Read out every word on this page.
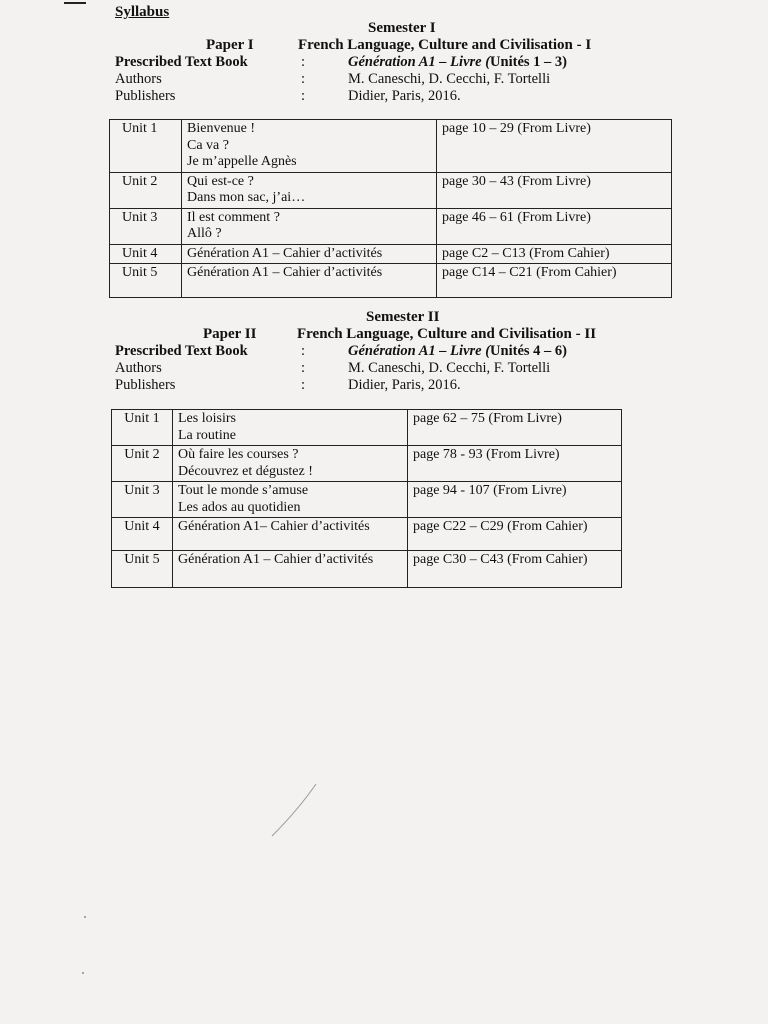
Syllabus
Semester I
Paper I	French Language, Culture and Civilisation - I
Prescribed Text Book	:	Génération A1 – Livre (Unités 1 – 3)
Authors	:	M. Caneschi, D. Cecchi, F. Tortelli
Publishers	:	Didier, Paris, 2016.
Unit 1	Bienvenue !
Ca va ?
Je m’appelle Agnès	page 10 – 29 (From Livre)
Unit 2	Qui est-ce ?
Dans mon sac, j’ai…	page 30 – 43 (From Livre)
Unit 3	Il est comment ?
Allô ?	page 46 – 61 (From Livre)
Unit 4	Génération A1 – Cahier d’activités	page C2 – C13 (From Cahier)
Unit 5	Génération A1 – Cahier d’activités	page C14 – C21 (From Cahier)
Semester II
Paper II	French Language, Culture and Civilisation - II
Prescribed Text Book	:	Génération A1 – Livre (Unités 4 – 6)
Authors	:	M. Caneschi, D. Cecchi, F. Tortelli
Publishers	:	Didier, Paris, 2016.
Unit 1	Les loisirs
La routine	page 62 – 75 (From Livre)
Unit 2	Où faire les courses ?
Découvrez et dégustez !	page 78 - 93 (From Livre)
Unit 3	Tout le monde s’amuse
Les ados au quotidien	page 94 - 107 (From Livre)
Unit 4	Génération A1– Cahier d’activités	page C22 – C29 (From Cahier)
Unit 5	Génération A1 – Cahier d’activités	page C30 – C43 (From Cahier)
